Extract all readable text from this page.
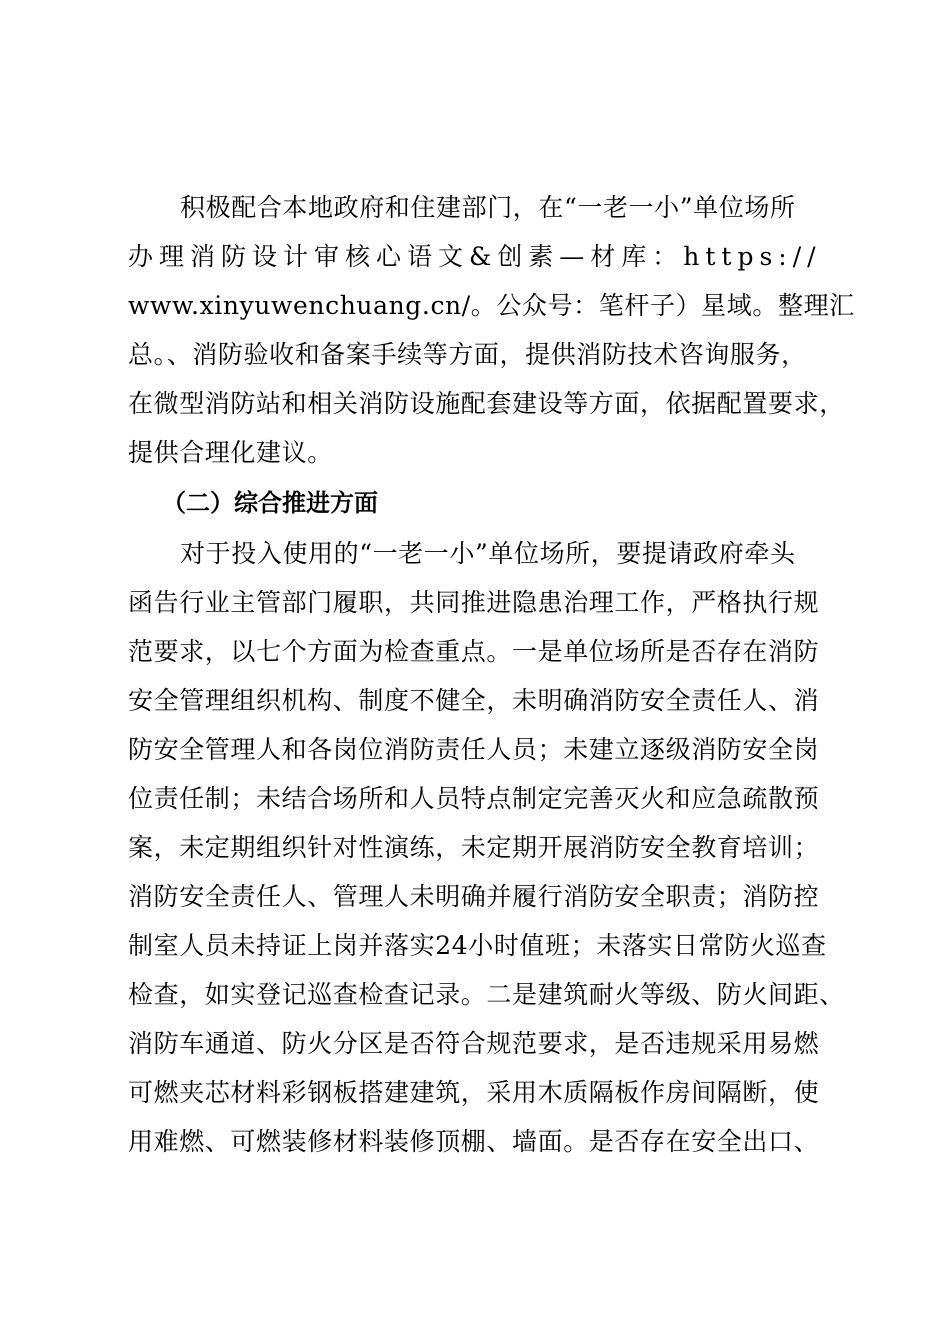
积极配合本地政府和住建部门，在“一老一小”单位场所
办理消防设计审核心语文&创素—材库：https://
www.xinyuwenchuang.cn/。公众号：笔杆子）星域。整理汇
总。、消防验收和备案手续等方面，提供消防技术咨询服务，
在微型消防站和相关消防设施配套建设等方面，依据配置要求，
提供合理化建议。
（二）综合推进方面
对于投入使用的“一老一小”单位场所，要提请政府牵头
函告行业主管部门履职，共同推进隐患治理工作，严格执行规
范要求，以七个方面为检查重点。一是单位场所是否存在消防
安全管理组织机构、制度不健全，未明确消防安全责任人、消
防安全管理人和各岗位消防责任人员；未建立逐级消防安全岗
位责任制；未结合场所和人员特点制定完善灭火和应急疏散预
案，未定期组织针对性演练，未定期开展消防安全教育培训；
消防安全责任人、管理人未明确并履行消防安全职责；消防控
制室人员未持证上岗并落实24小时值班；未落实日常防火巡查
检查，如实登记巡查检查记录。二是建筑耐火等级、防火间距、
消防车通道、防火分区是否符合规范要求，是否违规采用易燃
可燃夹芯材料彩钢板搭建建筑，采用木质隔板作房间隔断，使
用难燃、可燃装修材料装修顶棚、墙面。是否存在安全出口、
